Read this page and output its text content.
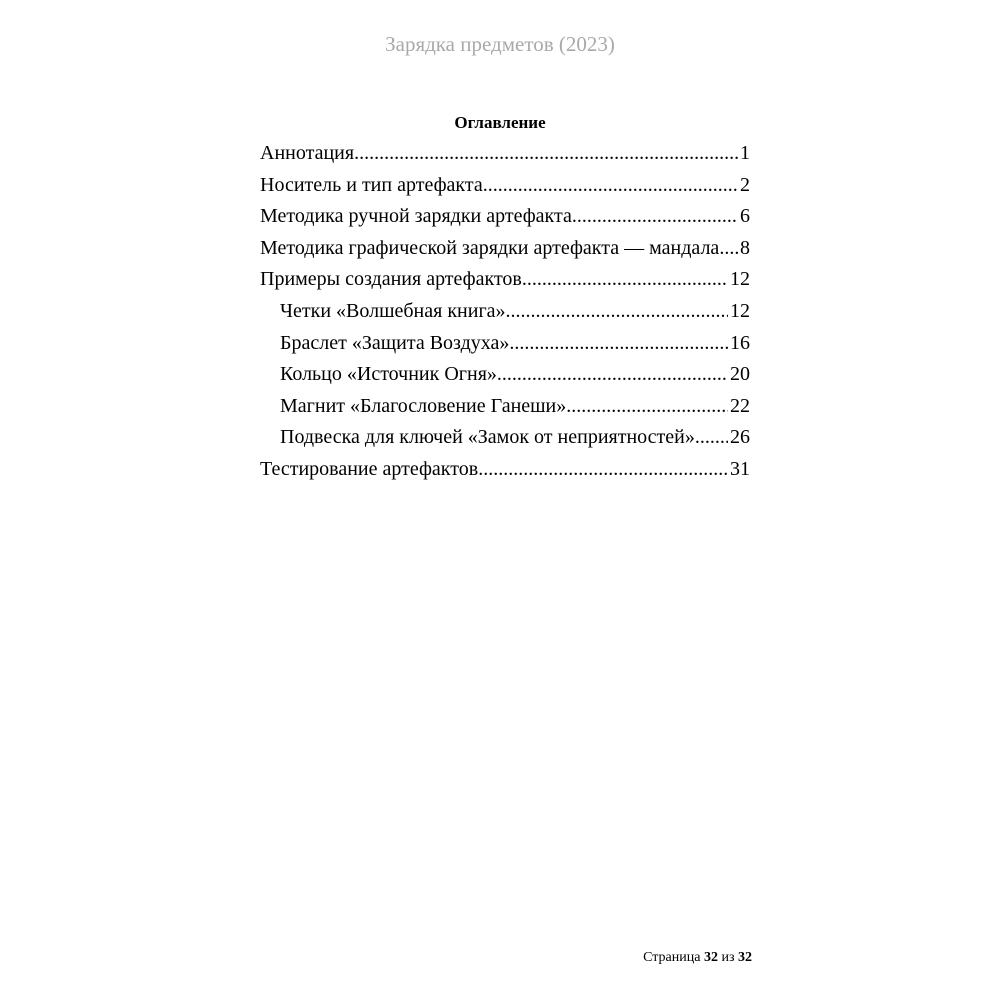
Зарядка предметов (2023)
Оглавление
Аннотация .....	1
Носитель и тип артефакта .....	2
Методика ручной зарядки артефакта .....	6
Методика графической зарядки артефакта — мандала ..... 8
Примеры создания артефактов .....	12
Четки «Волшебная книга» .....	12
Браслет «Защита Воздуха» .....	16
Кольцо «Источник Огня» .....	20
Магнит «Благословение Ганеши» .....	22
Подвеска для ключей «Замок от неприятностей» ..... 26
Тестирование артефактов .....	31
Страница 32 из 32
